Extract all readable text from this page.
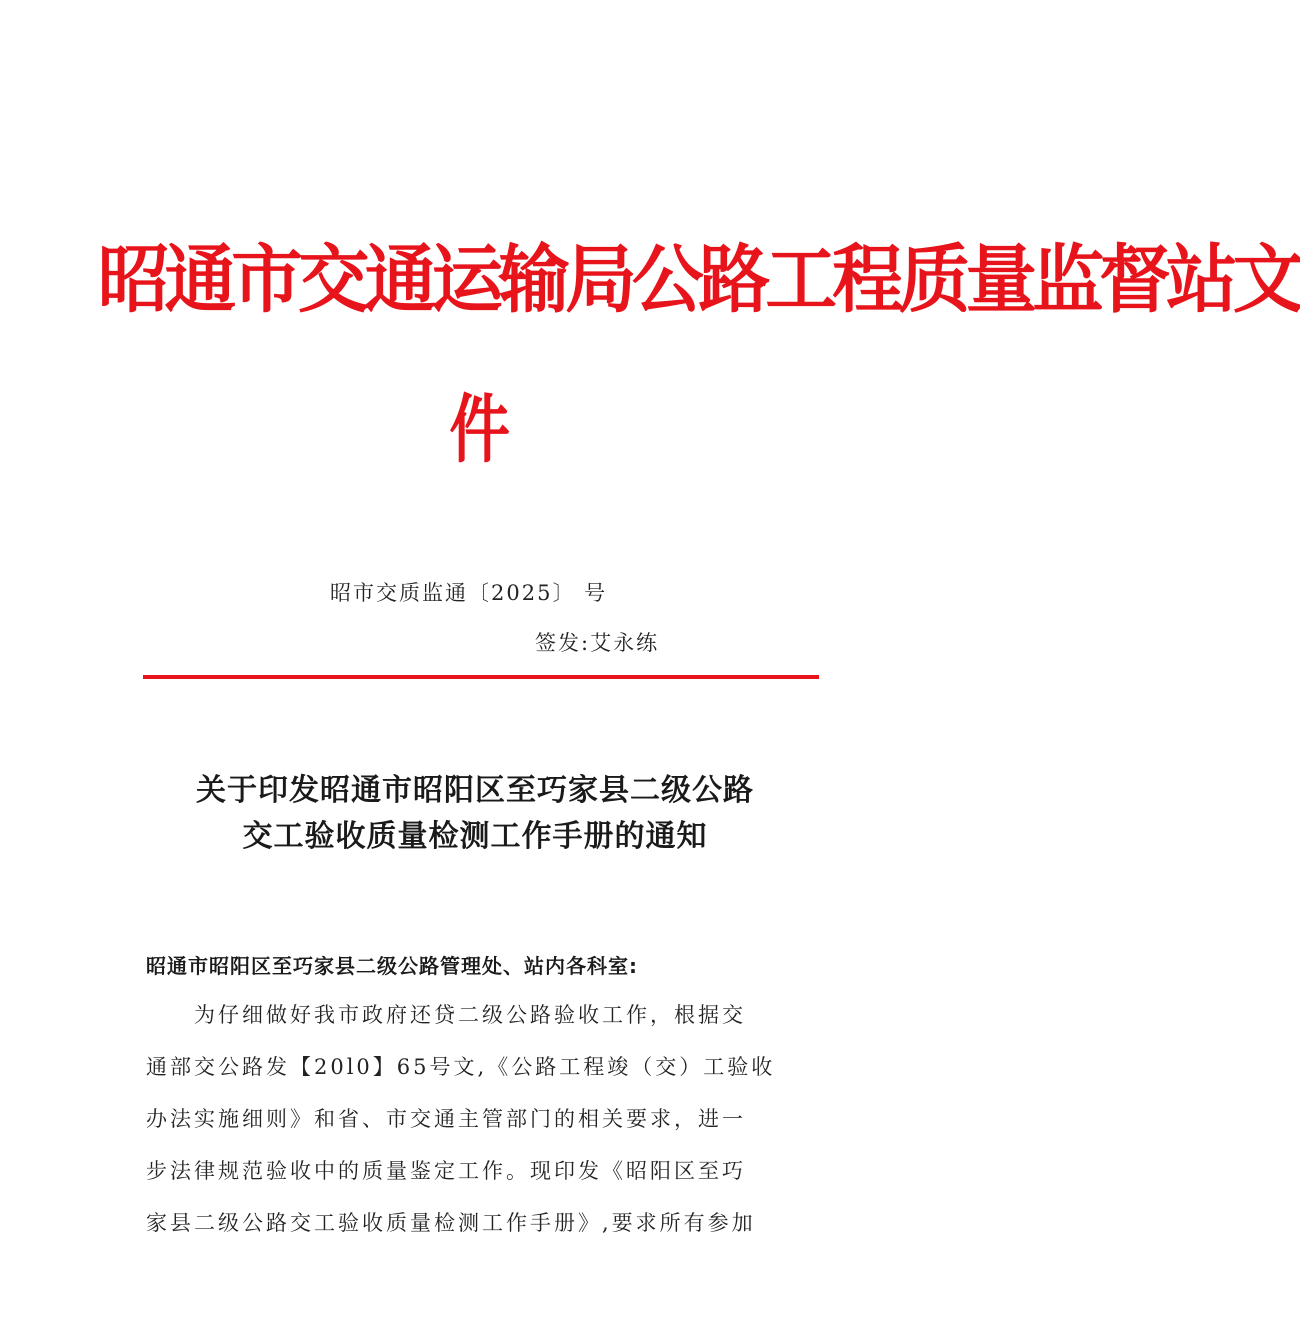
昭通市交通运输局公路工程质量监督站文
件
昭市交质监通〔2025〕 号
签发:艾永练
关于印发昭通市昭阳区至巧家县二级公路
交工验收质量检测工作手册的通知
昭通市昭阳区至巧家县二级公路管理处、站内各科室:
为仔细做好我市政府还贷二级公路验收工作，根据交
通部交公路发【20l0】65号文,《公路工程竣（交）工验收
办法实施细则》和省、市交通主管部门的相关要求，进一
步法律规范验收中的质量鉴定工作。现印发《昭阳区至巧
家县二级公路交工验收质量检测工作手册》,要求所有参加
